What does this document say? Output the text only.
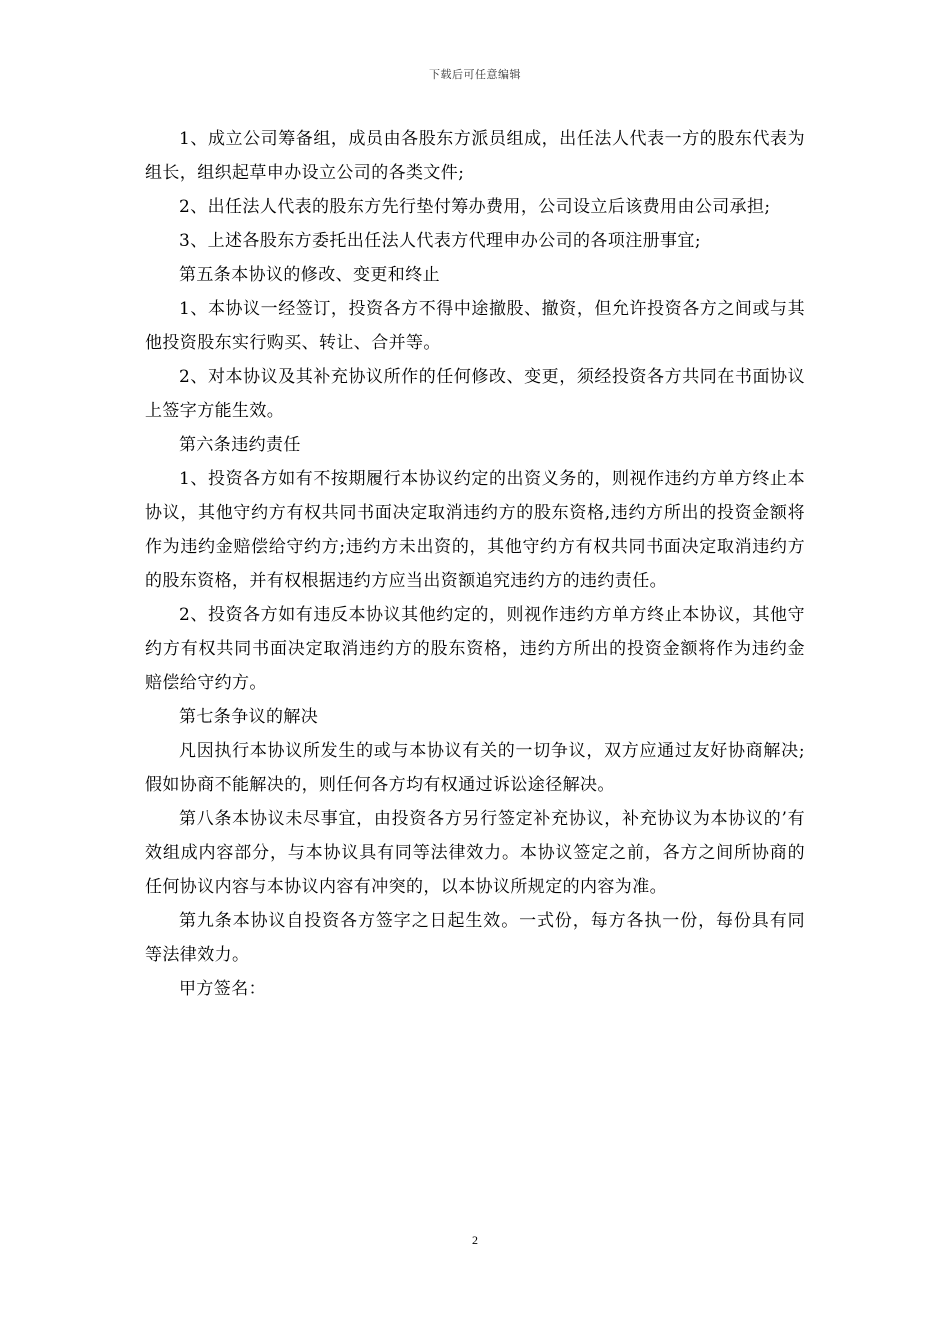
下载后可任意编辑

1、成立公司筹备组，成员由各股东方派员组成，出任法人代表一方的股东代表为组长，组织起草申办设立公司的各类文件;

2、出任法人代表的股东方先行垫付筹办费用，公司设立后该费用由公司承担;

3、上述各股东方委托出任法人代表方代理申办公司的各项注册事宜;

第五条本协议的修改、变更和终止

1、本协议一经签订，投资各方不得中途撤股、撤资，但允许投资各方之间或与其他投资股东实行购买、转让、合并等。

2、对本协议及其补充协议所作的任何修改、变更，须经投资各方共同在书面协议上签字方能生效。

第六条违约责任

1、投资各方如有不按期履行本协议约定的出资义务的，则视作违约方单方终止本协议，其他守约方有权共同书面决定取消违约方的股东资格,违约方所出的投资金额将作为违约金赔偿给守约方;违约方未出资的，其他守约方有权共同书面决定取消违约方的股东资格，并有权根据违约方应当出资额追究违约方的违约责任。

2、投资各方如有违反本协议其他约定的，则视作违约方单方终止本协议，其他守约方有权共同书面决定取消违约方的股东资格，违约方所出的投资金额将作为违约金赔偿给守约方。

第七条争议的解决

凡因执行本协议所发生的或与本协议有关的一切争议，双方应通过友好协商解决;假如协商不能解决的，则任何各方均有权通过诉讼途径解决。

第八条本协议未尽事宜，由投资各方另行签定补充协议，补充协议为本协议的’有效组成内容部分，与本协议具有同等法律效力。本协议签定之前，各方之间所协商的任何协议内容与本协议内容有冲突的，以本协议所规定的内容为准。

第九条本协议自投资各方签字之日起生效。一式份，每方各执一份，每份具有同等法律效力。

甲方签名：

2
